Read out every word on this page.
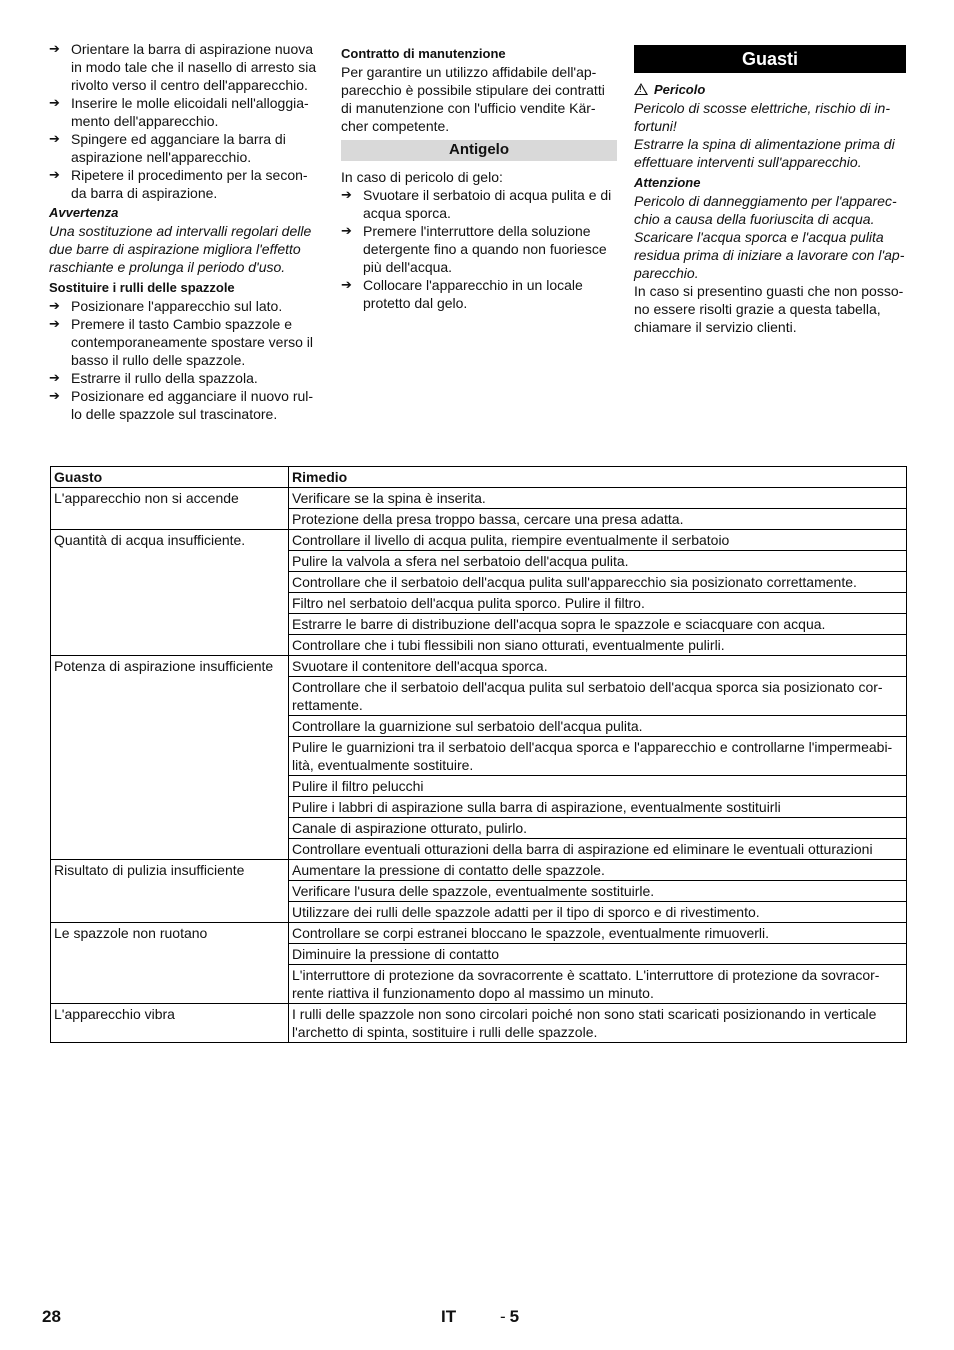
➔ Orientare la barra di aspirazione nuova in modo tale che il nasello di arresto sia rivolto verso il centro dell'apparecchio.
➔ Inserire le molle elicoidali nell'alloggia-mento dell'apparecchio.
➔ Spingere ed agganciare la barra di aspirazione nell'apparecchio.
➔ Ripetere il procedimento per la secon-da barra di aspirazione.

Avvertenza

Una sostituzione ad intervalli regolari delle due barre di aspirazione migliora l'effetto raschiante e prolunga il periodo d'uso.

Sostituire i rulli delle spazzole

➔ Posizionare l'apparecchio sul lato.
➔ Premere il tasto Cambio spazzole e contemporaneamente spostare verso il basso il rullo delle spazzole.
➔ Estrarre il rullo della spazzola.
➔ Posizionare ed agganciare il nuovo rul-lo delle spazzole sul trascinatore.

Contratto di manutenzione

Per garantire un utilizzo affidabile dell'ap-parecchio è possibile stipulare dei contratti di manutenzione con l'ufficio vendite Kär-cher competente.

Antigelo

In caso di pericolo di gelo:

➔ Svuotare il serbatoio di acqua pulita e di acqua sporca.
➔ Premere l'interruttore della soluzione detergente fino a quando non fuoriesce più dell'acqua.
➔ Collocare l'apparecchio in un locale protetto dal gelo.
Guasti

!Pericolo

Pericolo di scosse elettriche, rischio di in-fortuni!

Estrarre la spina di alimentazione prima di effettuare interventi sull'apparecchio.

Attenzione

Pericolo di danneggiamento per l'apparec-chio a causa della fuoriuscita di acqua.

Scaricare l'acqua sporca e l'acqua pulita residua prima di iniziare a lavorare con l'ap-parecchio.

In caso si presentino guasti che non posso-no essere risolti grazie a questa tabella, chiamare il servizio clienti.

Guasto	Rimedio
L'apparecchio non si accende	Verificare se la spina è inserita.
	Protezione della presa troppo bassa, cercare una presa adatta.
Quantità di acqua insufficiente.	Controllare il livello di acqua pulita, riempire eventualmente il serbatoio
	Pulire la valvola a sfera nel serbatoio dell'acqua pulita.
	Controllare che il serbatoio dell'acqua pulita sull'apparecchio sia posizionato correttamente.
	Filtro nel serbatoio dell'acqua pulita sporco. Pulire il filtro.
	Estrarre le barre di distribuzione dell'acqua sopra le spazzole e sciacquare con acqua.
	Controllare che i tubi flessibili non siano otturati, eventualmente pulirli.
Potenza di aspirazione insufficiente	Svuotare il contenitore dell'acqua sporca.
	Controllare che il serbatoio dell'acqua pulita sul serbatoio dell'acqua sporca sia posizionato cor-rettamente.
	Controllare la guarnizione sul serbatoio dell'acqua pulita.
	Pulire le guarnizioni tra il serbatoio dell'acqua sporca e l'apparecchio e controllarne l'impermeabi-lità, eventualmente sostituire.
	Pulire il filtro pelucchi
	Pulire i labbri di aspirazione sulla barra di aspirazione, eventualmente sostituirli
	Canale di aspirazione otturato, pulirlo.
	Controllare eventuali otturazioni della barra di aspirazione ed eliminare le eventuali otturazioni
Risultato di pulizia insufficiente	Aumentare la pressione di contatto delle spazzole.
	Verificare l'usura delle spazzole, eventualmente sostituirle.
	Utilizzare dei rulli delle spazzole adatti per il tipo di sporco e di rivestimento.
Le spazzole non ruotano	Controllare se corpi estranei bloccano le spazzole, eventualmente rimuoverli.
	Diminuire la pressione di contatto
	L'interruttore di protezione da sovracorrente è scattato. L'interruttore di protezione da sovracor-rente riattiva il funzionamento dopo al massimo un minuto.
L'apparecchio vibra	I rulli delle spazzole non sono circolari poiché non sono stati scaricati posizionando in verticale l'archetto di spinta, sostituire i rulli delle spazzole.
28	IT	- 5
